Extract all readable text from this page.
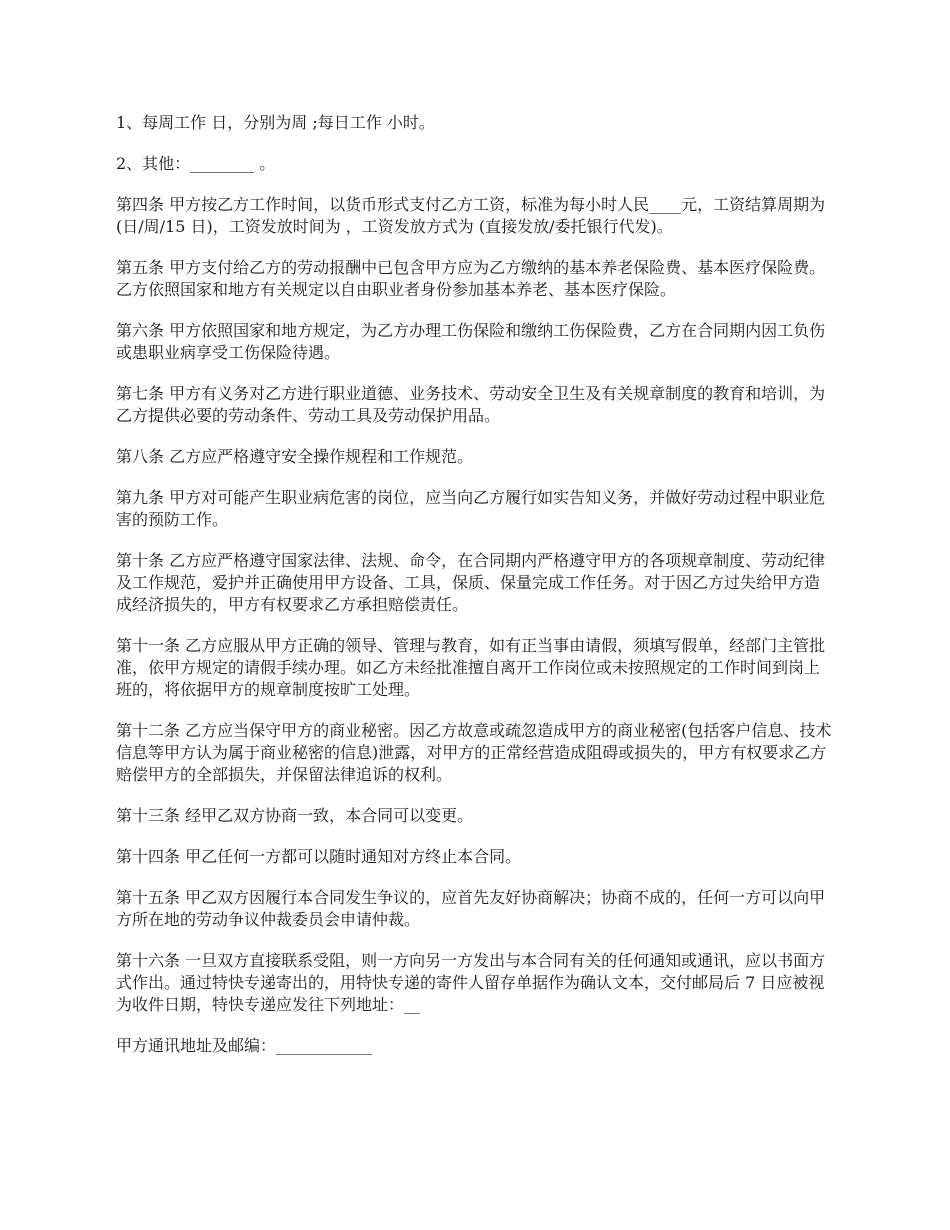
1、每周工作 日，分别为周 ;每日工作 小时。

2、其他：________ 。

第四条 甲方按乙方工作时间，以货币形式支付乙方工资，标准为每小时人民____元，工资结算周期为 (日/周/15 日)，工资发放时间为 ，工资发放方式为 (直接发放/委托银行代发)。

第五条 甲方支付给乙方的劳动报酬中已包含甲方应为乙方缴纳的基本养老保险费、基本医疗保险费。乙方依照国家和地方有关规定以自由职业者身份参加基本养老、基本医疗保险。

第六条 甲方依照国家和地方规定，为乙方办理工伤保险和缴纳工伤保险费，乙方在合同期内因工负伤或患职业病享受工伤保险待遇。

第七条 甲方有义务对乙方进行职业道德、业务技术、劳动安全卫生及有关规章制度的教育和培训，为乙方提供必要的劳动条件、劳动工具及劳动保护用品。

第八条 乙方应严格遵守安全操作规程和工作规范。

第九条 甲方对可能产生职业病危害的岗位，应当向乙方履行如实告知义务，并做好劳动过程中职业危害的预防工作。

第十条 乙方应严格遵守国家法律、法规、命令，在合同期内严格遵守甲方的各项规章制度、劳动纪律及工作规范，爱护并正确使用甲方设备、工具，保质、保量完成工作任务。对于因乙方过失给甲方造成经济损失的，甲方有权要求乙方承担赔偿责任。

第十一条 乙方应服从甲方正确的领导、管理与教育，如有正当事由请假，须填写假单，经部门主管批准，依甲方规定的请假手续办理。如乙方未经批准擅自离开工作岗位或未按照规定的工作时间到岗上班的，将依据甲方的规章制度按旷工处理。

第十二条 乙方应当保守甲方的商业秘密。因乙方故意或疏忽造成甲方的商业秘密(包括客户信息、技术信息等甲方认为属于商业秘密的信息)泄露，对甲方的正常经营造成阻碍或损失的，甲方有权要求乙方赔偿甲方的全部损失，并保留法律追诉的权利。

第十三条 经甲乙双方协商一致，本合同可以变更。

第十四条 甲乙任何一方都可以随时通知对方终止本合同。

第十五条 甲乙双方因履行本合同发生争议的，应首先友好协商解决；协商不成的，任何一方可以向甲方所在地的劳动争议仲裁委员会申请仲裁。

第十六条 一旦双方直接联系受阻，则一方向另一方发出与本合同有关的任何通知或通讯，应以书面方式作出。通过特快专递寄出的，用特快专递的寄件人留存单据作为确认文本，交付邮局后 7 日应被视为收件日期，特快专递应发往下列地址：__

甲方通讯地址及邮编：____________
